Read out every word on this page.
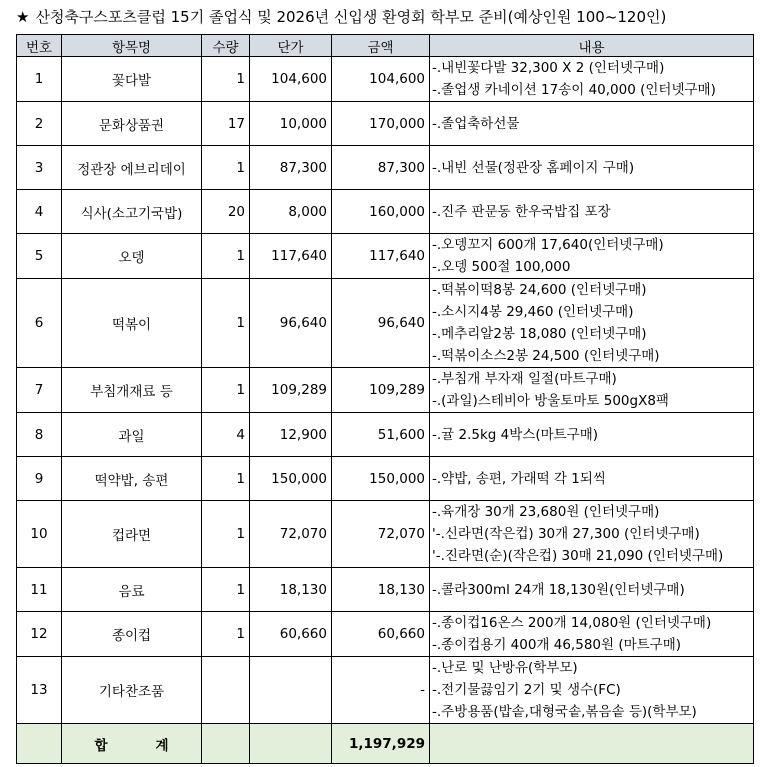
★ 산청축구스포츠클럽 15기 졸업식 및 2026년 신입생 환영회 학부모 준비(예상인원 100~120인)
번호	항목명	수량	단가	금액	내용
1	꽃다발	1	104,600	104,600	-.내빈꽃다발 32,300 X 2 (인터넷구매)
-.졸업생 카네이션 17송이 40,000 (인터넷구매)

2	문화상품권	17	10,000	170,000	-.졸업축하선물

3	정관장 에브리데이	1	87,300	87,300	-.내빈 선물(정관장 홈페이지 구매)

4	식사(소고기국밥)	20	8,000	160,000	-.진주 판문동 한우국밥집 포장

5	오뎅	1	117,640	117,640	-.오뎅꼬지 600개 17,640(인터넷구매)
-.오뎅 500절 100,000

6	떡볶이	1	96,640	96,640	-.떡볶이떡8봉 24,600 (인터넷구매)
-.소시지4봉 29,460 (인터넷구매)
-.메추리알2봉 18,080 (인터넷구매)
-.떡볶이소스2봉 24,500 (인터넷구매)

7	부침개재료 등	1	109,289	109,289	-.부침개 부자재 일절(마트구매)
-.(과일)스테비아 방울토마토 500gX8팩

8	과일	4	12,900	51,600	-.귤 2.5kg 4박스(마트구매)

9	떡약밥, 송편	1	150,000	150,000	-.약밥, 송편, 가래떡 각 1되씩

10	컵라면	1	72,070	72,070	-.육개장 30개 23,680원 (인터넷구매)
'-.신라면(작은컵) 30개 27,300 (인터넷구매)
'-.진라면(순)(작은컵) 30매 21,090 (인터넷구매)

11	음료	1	18,130	18,130	-.콜라300ml 24개 18,130원(인터넷구매)

12	종이컵	1	60,660	60,660	-.종이컵16온스 200개 14,080원 (인터넷구매)
-.종이컵용기 400개 46,580원 (마트구매)

13	기타찬조품			-	-.난로 및 난방유(학부모)
-.전기물끓임기 2기 및 생수(FC)
-.주방용품(밥솥,대형국솥,볶음솥 등)(학부모)

	합 계			1,197,929	
